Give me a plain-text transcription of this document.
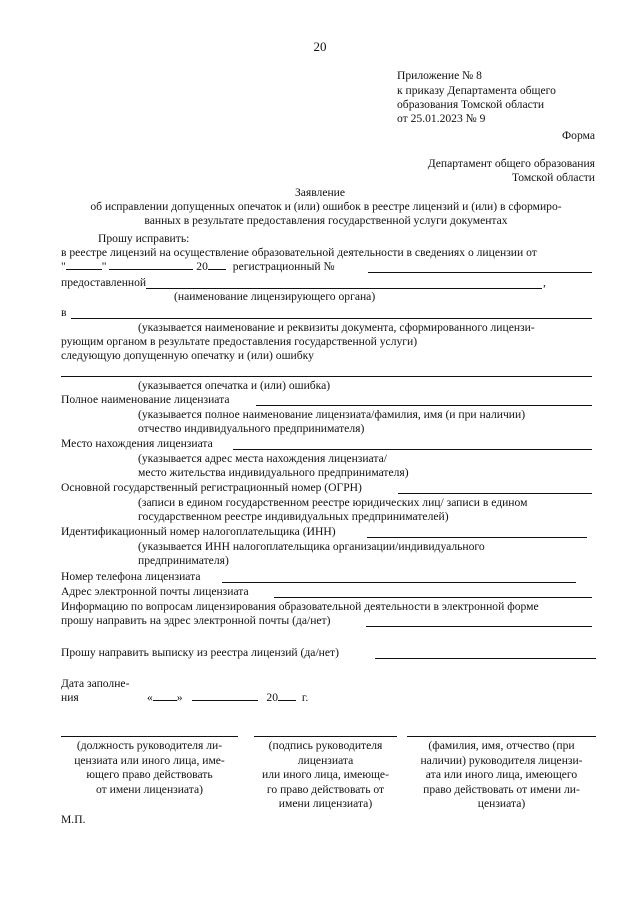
20
Приложение № 8
к приказу Департамента общего
образования Томской области
от 25.01.2023 № 9
Форма
Департамент общего образования
Томской области
Заявление
об исправлении допущенных опечаток и (или) ошибок в реестре лицензий и (или) в сформиро-
ванных в результате предоставления государственной услуги документах
Прошу исправить:
в реестре лицензий на осуществление образовательной деятельности в сведениях о лицензии от
"	"	20 регистрационный №
предоставленной	,
(наименование лицензирующего органа)
в
(указывается наименование и реквизиты документа, сформированного лицензи-
рующим органом в результате предоставления государственной услуги)
следующую допущенную опечатку и (или) ошибку
(указывается опечатка и (или) ошибка)
Полное наименование лицензиата
(указывается полное наименование лицензиата/фамилия, имя (и при наличии)
отчество индивидуального предпринимателя)
Место нахождения лицензиата
(указывается адрес места нахождения лицензиата/
место жительства индивидуального предпринимателя)
Основной государственный регистрационный номер (ОГРН)
(записи в едином государственном реестре юридических лиц/ записи в едином
государственном реестре индивидуальных предпринимателей)
Идентификационный номер налогоплательщика (ИНН)
(указывается ИНН налогоплательщика организации/индивидуального
предпринимателя)
Номер телефона лицензиата
Адрес электронной почты лицензиата
Информацию по вопросам лицензирования образовательной деятельности в электронной форме
прошу направить на эдрес электронной почты (да/нет)
Прошу направить выписку из реестра лицензий (да/нет)
Дата заполне-
ния	« »	20 г.
(должность руководителя ли-
цензиата или иного лица, име-
ющего право действовать
от имени лицензиата)
(подпись руководителя
лицензиата
или иного лица, имеюще-
го право действовать от
имени лицензиата)
(фамилия, имя, отчество (при
наличии) руководителя лицензи-
ата или иного лица, имеющего
право действовать от имени ли-
цензиата)
М.П.
